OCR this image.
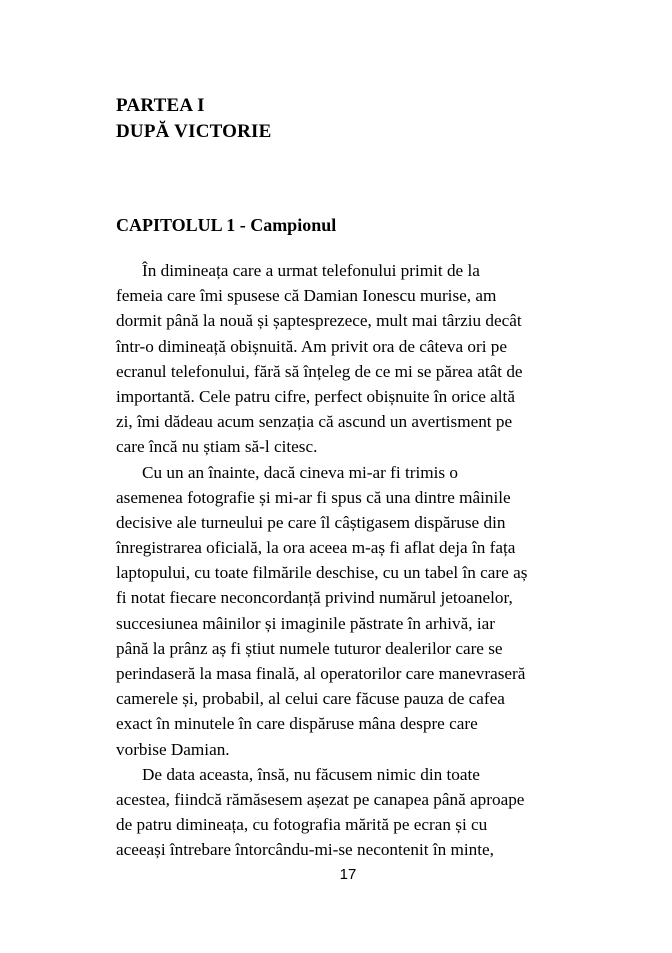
PARTEA I
DUPĂ VICTORIE
CAPITOLUL 1 - Campionul
În dimineața care a urmat telefonului primit de la
femeia care îmi spusese că Damian Ionescu murise, am
dormit până la nouă și șaptesprezece, mult mai târziu decât
într-o dimineață obișnuită. Am privit ora de câteva ori pe
ecranul telefonului, fără să înțeleg de ce mi se părea atât de
importantă. Cele patru cifre, perfect obișnuite în orice altă
zi, îmi dădeau acum senzația că ascund un avertisment pe
care încă nu știam să-l citesc.
Cu un an înainte, dacă cineva mi-ar fi trimis o
asemenea fotografie și mi-ar fi spus că una dintre mâinile
decisive ale turneului pe care îl câștigasem dispăruse din
înregistrarea oficială, la ora aceea m-aș fi aflat deja în fața
laptopului, cu toate filmările deschise, cu un tabel în care aș
fi notat fiecare neconcordanță privind numărul jetoanelor,
succesiunea mâinilor și imaginile păstrate în arhivă, iar
până la prânz aș fi știut numele tuturor dealerilor care se
perindaseră la masa finală, al operatorilor care manevraseră
camerele și, probabil, al celui care făcuse pauza de cafea
exact în minutele în care dispăruse mâna despre care
vorbise Damian.
De data aceasta, însă, nu făcusem nimic din toate
acestea, fiindcă rămăsesem așezat pe canapea până aproape
de patru dimineața, cu fotografia mărită pe ecran și cu
aceeași întrebare întorcându-mi-se necontenit în minte,
17
